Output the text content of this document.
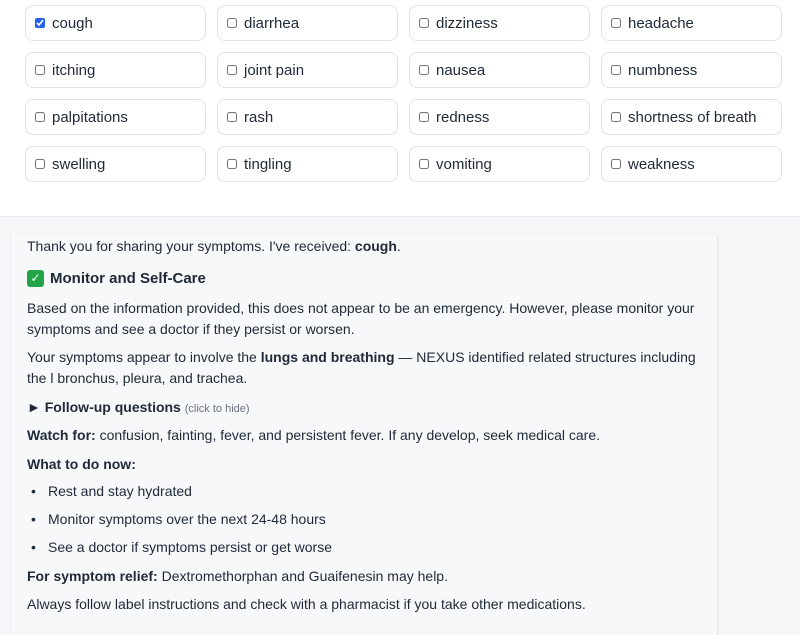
cough	diarrhea	dizziness	headache
itching	joint pain	nausea	numbness
palpitations	rash	redness	shortness of breath
swelling	tingling	vomiting	weakness

Thank you for sharing your symptoms. I've received: cough.

✓ Monitor and Self-Care

Based on the information provided, this does not appear to be an emergency. However, please monitor your symptoms and see a doctor if they persist or worsen.

Your symptoms appear to involve the lungs and breathing — NEXUS identified related structures including the l bronchus, pleura, and trachea.

► Follow-up questions (click to hide)

Watch for: confusion, fainting, fever, and persistent fever. If any develop, seek medical care.

What to do now:

• Rest and stay hydrated
• Monitor symptoms over the next 24-48 hours
• See a doctor if symptoms persist or get worse

For symptom relief: Dextromethorphan and Guaifenesin may help.

Always follow label instructions and check with a pharmacist if you take other medications.
